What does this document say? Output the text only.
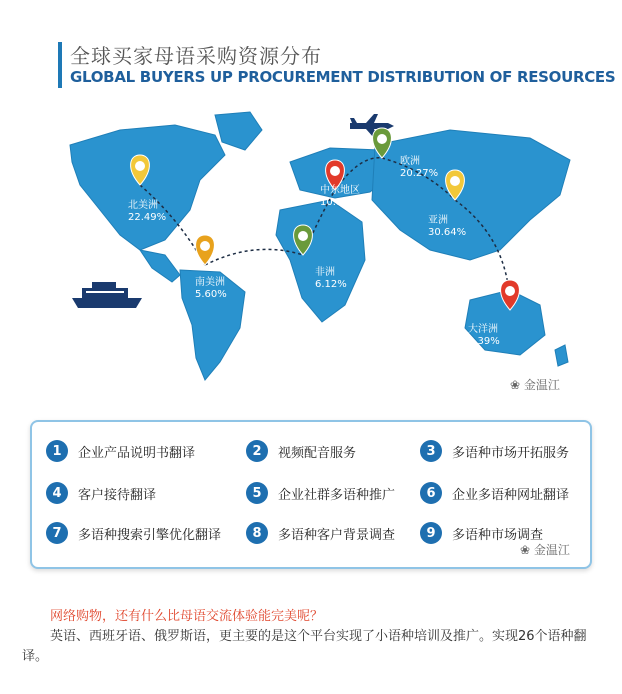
全球买家母语采购资源分布
GLOBAL BUYERS UP PROCUREMENT DISTRIBUTION OF RESOURCES
北美洲
22.49%
南美洲
5.60%
欧洲
20.27%
中东地区
10.86%
非洲
6.12%
亚洲
30.64%
大洋洲
3.39%
❀ 金温江
1	企业产品说明书翻译	2	视频配音服务	3	多语种市场开拓服务
4	客户接待翻译	5	企业社群多语种推广	6	企业多语种网址翻译
7	多语种搜索引擎优化翻译	8	多语种客户背景调查	9	多语种市场调查
❀ 金温江
网络购物，还有什么比母语交流体验能完美呢？
英语、西班牙语、俄罗斯语，更主要的是这个平台实现了小语种培训及推广。实现26个语种翻译。
